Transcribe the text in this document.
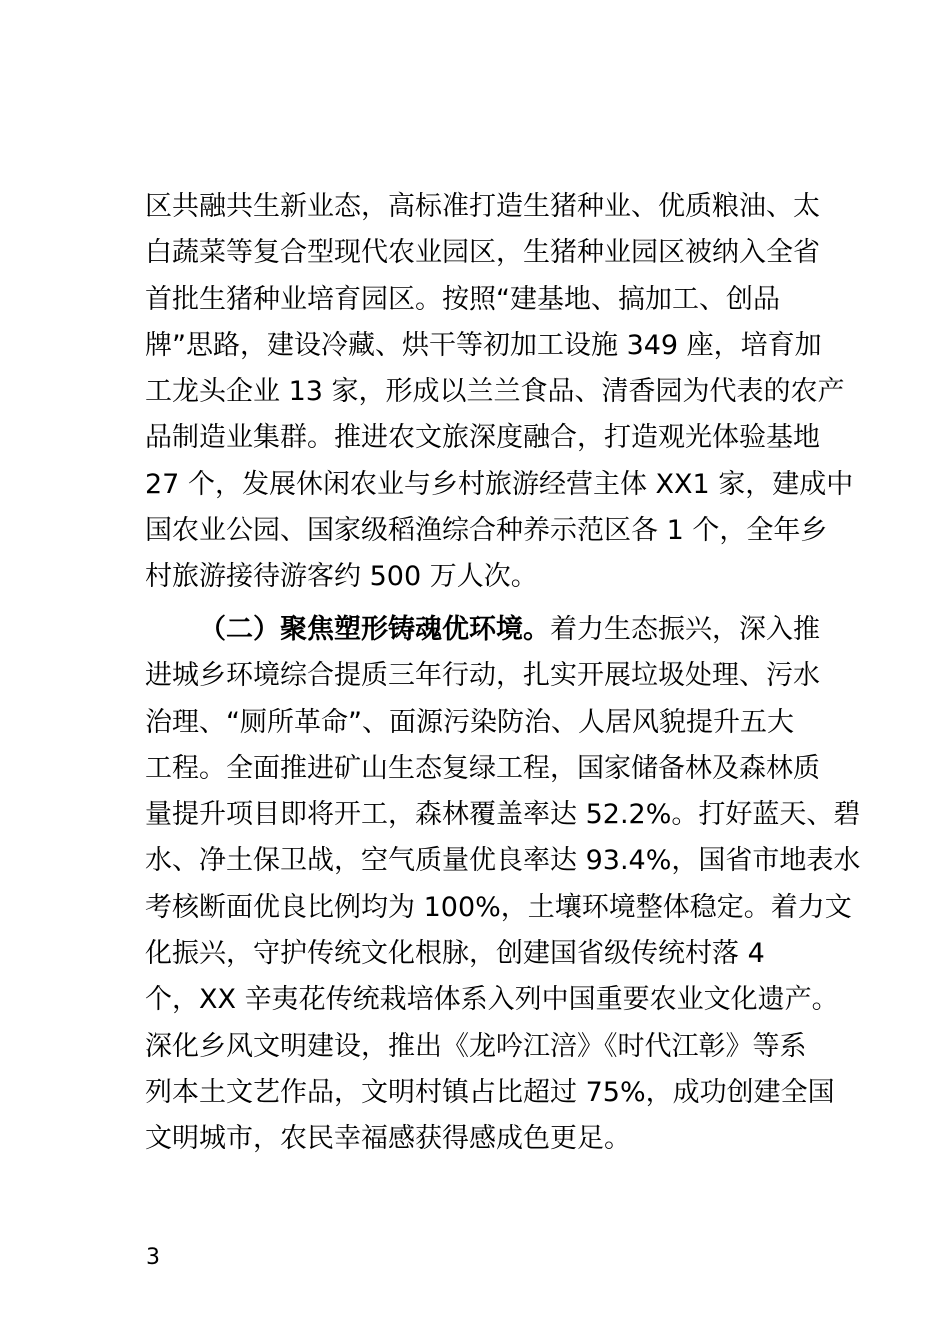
区共融共生新业态，高标准打造生猪种业、优质粮油、太
白蔬菜等复合型现代农业园区，生猪种业园区被纳入全省
首批生猪种业培育园区。按照“建基地、搞加工、创品
牌”思路，建设冷藏、烘干等初加工设施 349 座，培育加
工龙头企业 13 家，形成以兰兰食品、清香园为代表的农产
品制造业集群。推进农文旅深度融合，打造观光体验基地
27 个，发展休闲农业与乡村旅游经营主体 XX1 家，建成中
国农业公园、国家级稻渔综合种养示范区各 1 个，全年乡
村旅游接待游客约 500 万人次。
（二）聚焦塑形铸魂优环境。着力生态振兴，深入推
进城乡环境综合提质三年行动，扎实开展垃圾处理、污水
治理、“厕所革命”、面源污染防治、人居风貌提升五大
工程。全面推进矿山生态复绿工程，国家储备林及森林质
量提升项目即将开工，森林覆盖率达 52.2%。打好蓝天、碧
水、净土保卫战，空气质量优良率达 93.4%，国省市地表水
考核断面优良比例均为 100%，土壤环境整体稳定。着力文
化振兴，守护传统文化根脉，创建国省级传统村落 4
个，XX 辛夷花传统栽培体系入列中国重要农业文化遗产。
深化乡风文明建设，推出《龙吟江涪》《时代江彰》等系
列本土文艺作品，文明村镇占比超过 75%，成功创建全国
文明城市，农民幸福感获得感成色更足。
3
